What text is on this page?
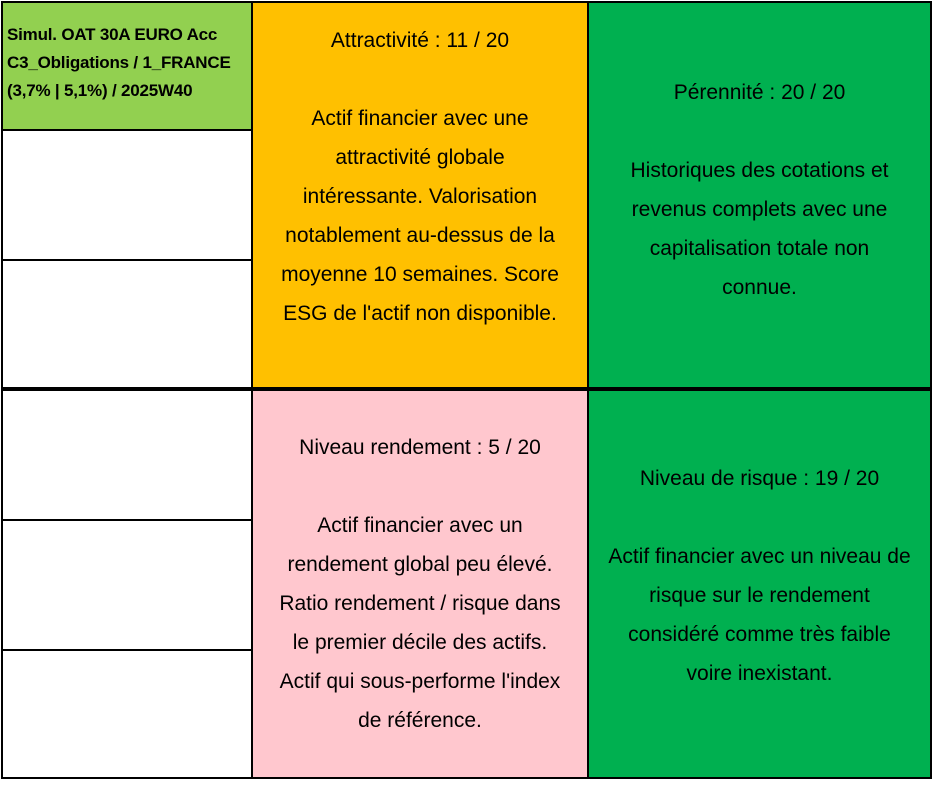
Simul. OAT 30A EURO Acc
C3_Obligations / 1_FRANCE
(3,7% | 5,1%) / 2025W40
Attractivité : 11 / 20
Actif financier avec une
attractivité globale
intéressante. Valorisation
notablement au-dessus de la
moyenne 10 semaines. Score
ESG de l'actif non disponible.
Pérennité : 20 / 20
Historiques des cotations et
revenus complets avec une
capitalisation totale non
connue.
Niveau rendement : 5 / 20
Actif financier avec un
rendement global peu élevé.
Ratio rendement / risque dans
le premier décile des actifs.
Actif qui sous-performe l'index
de référence.
Niveau de risque : 19 / 20
Actif financier avec un niveau de
risque sur le rendement
considéré comme très faible
voire inexistant.
